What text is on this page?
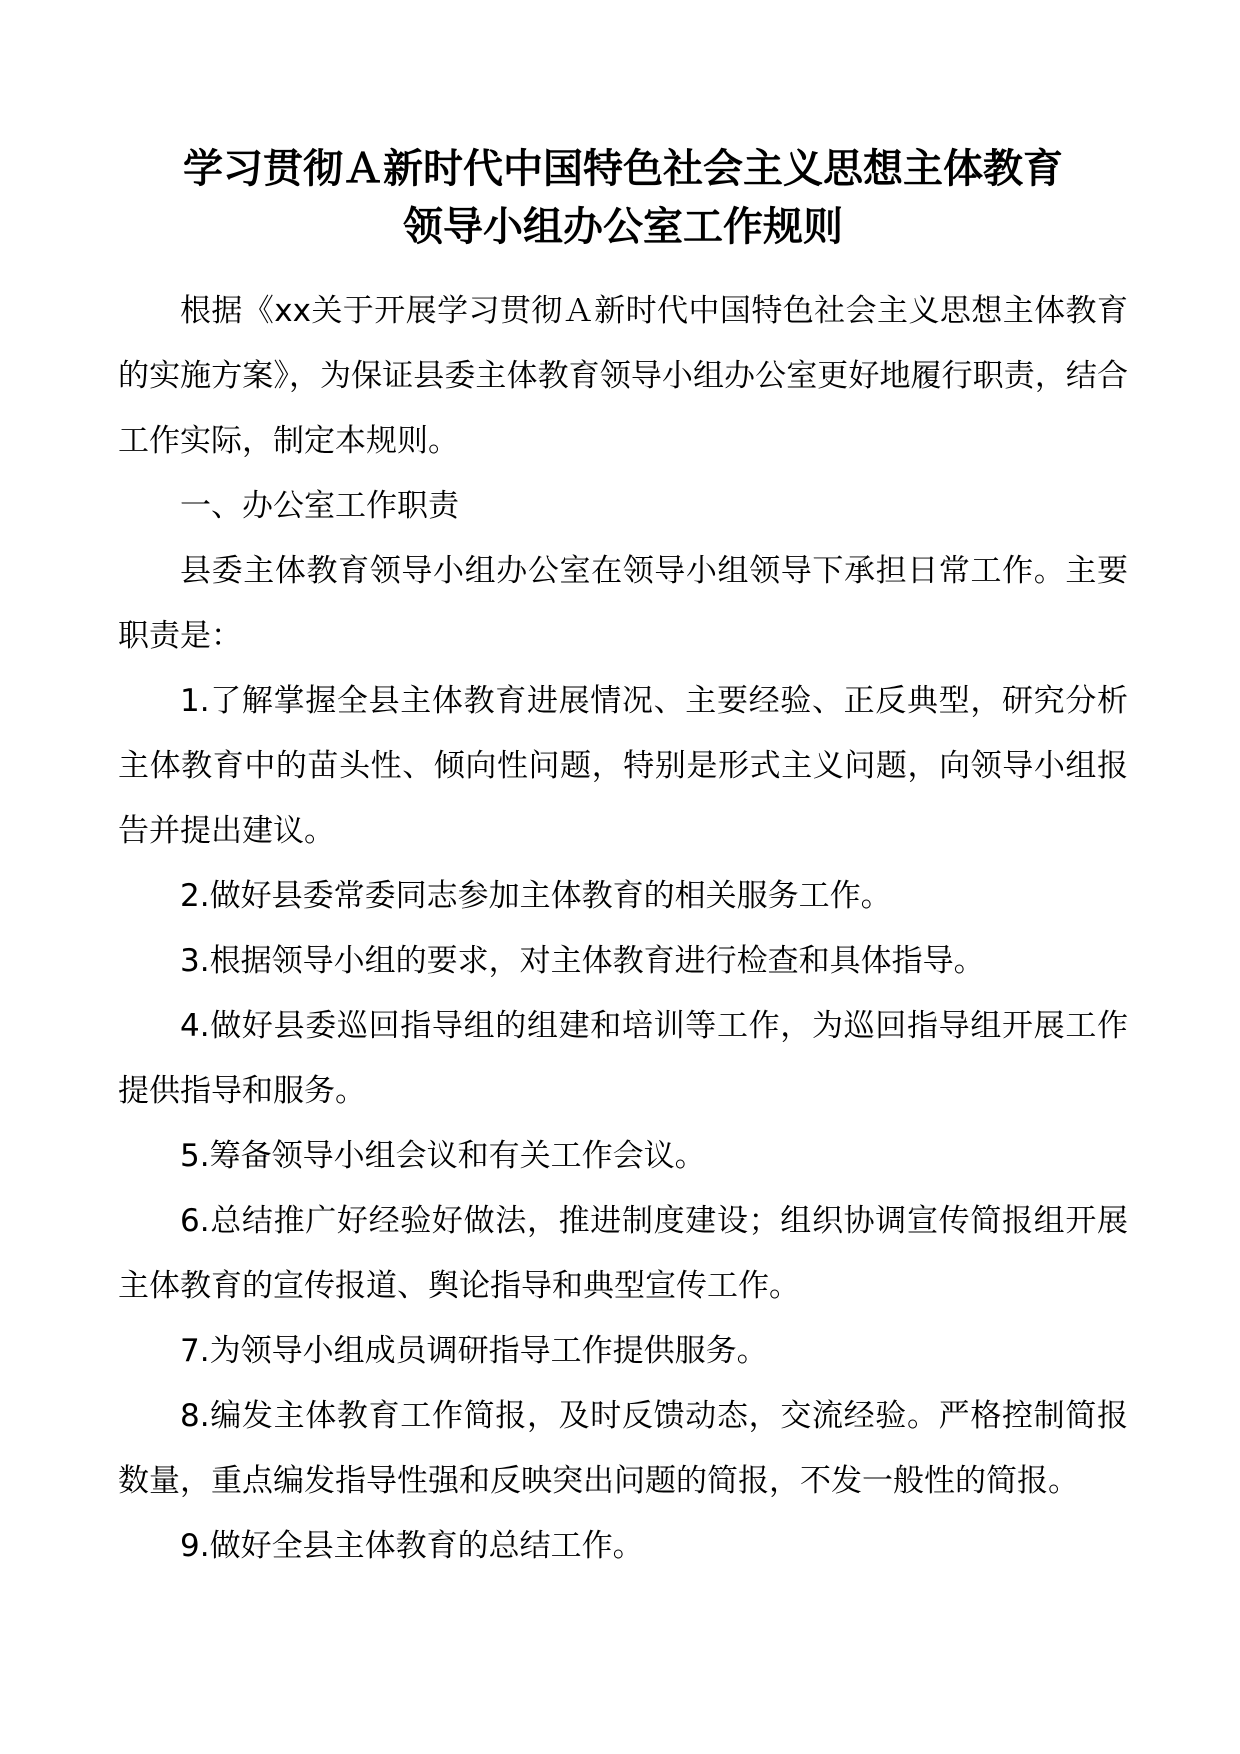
学习贯彻Ａ新时代中国特色社会主义思想主体教育
领导小组办公室工作规则

根据《xx关于开展学习贯彻Ａ新时代中国特色社会主义思想主体教育的实施方案》，为保证县委主体教育领导小组办公室更好地履行职责，结合工作实际，制定本规则。

一、办公室工作职责

县委主体教育领导小组办公室在领导小组领导下承担日常工作。主要职责是：

1.了解掌握全县主体教育进展情况、主要经验、正反典型，研究分析主体教育中的苗头性、倾向性问题，特别是形式主义问题，向领导小组报告并提出建议。

2.做好县委常委同志参加主体教育的相关服务工作。

3.根据领导小组的要求，对主体教育进行检查和具体指导。

4.做好县委巡回指导组的组建和培训等工作，为巡回指导组开展工作提供指导和服务。

5.筹备领导小组会议和有关工作会议。

6.总结推广好经验好做法，推进制度建设；组织协调宣传简报组开展主体教育的宣传报道、舆论指导和典型宣传工作。

7.为领导小组成员调研指导工作提供服务。

8.编发主体教育工作简报，及时反馈动态，交流经验。严格控制简报数量，重点编发指导性强和反映突出问题的简报，不发一般性的简报。

9.做好全县主体教育的总结工作。
